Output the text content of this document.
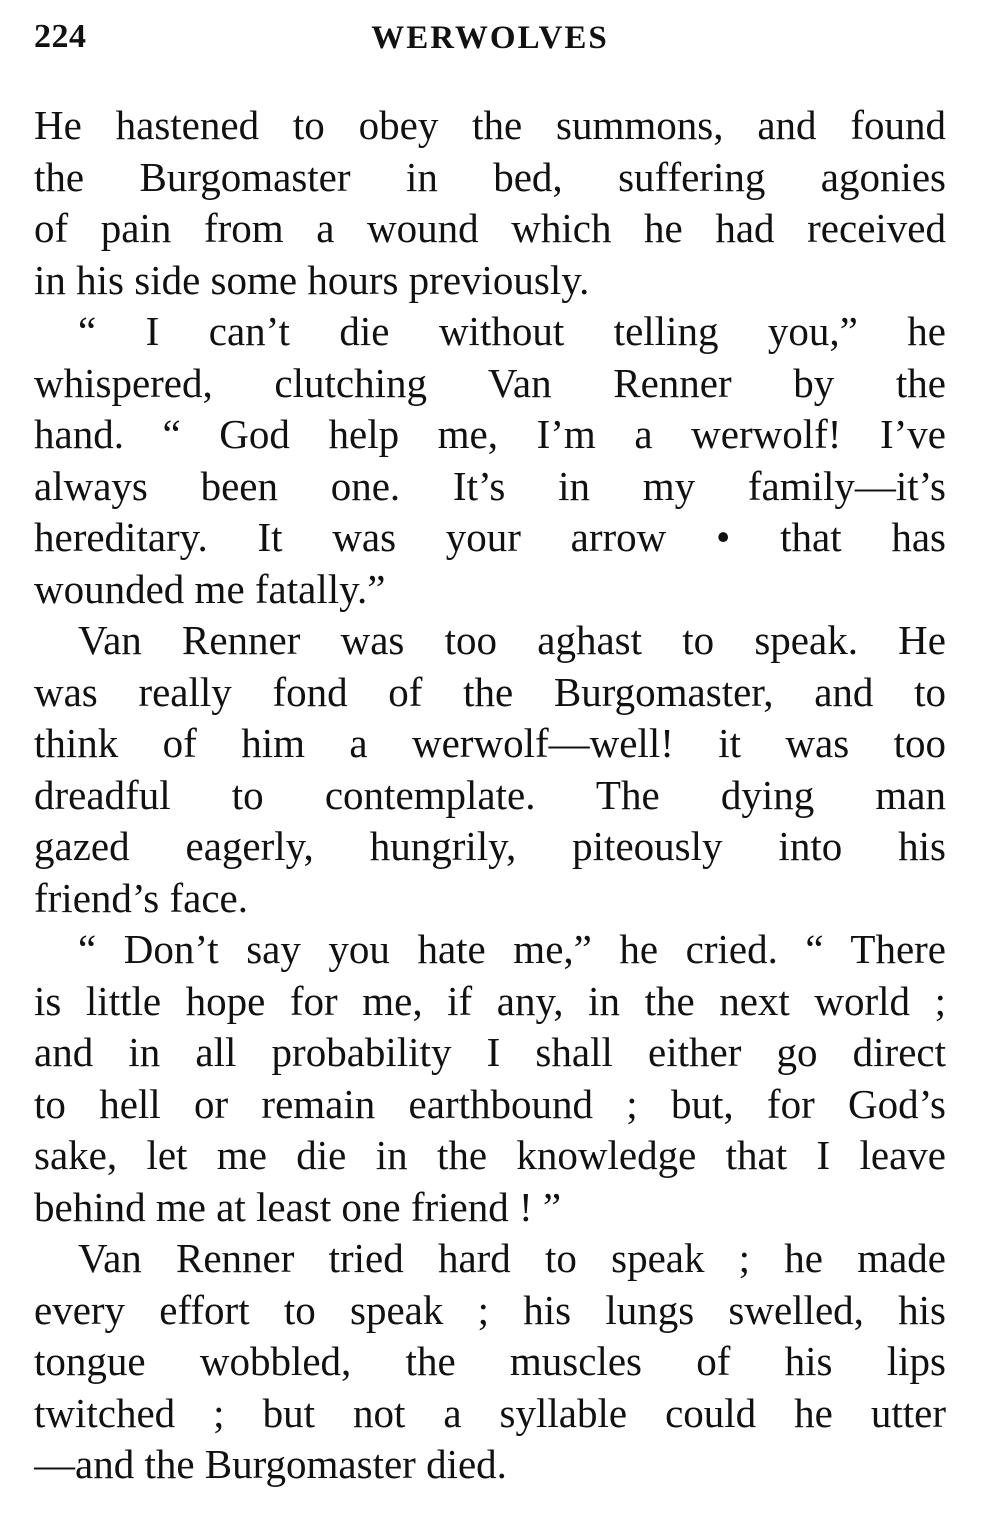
224	WERWOLVES
He hastened to obey the summons, and found
the Burgomaster in bed, suffering agonies
of pain from a wound which he had received
in his side some hours previously.
“ I can’t die without telling you,” he
whispered, clutching Van Renner by the
hand. “ God help me, I’m a werwolf! I’ve
always been one. It’s in my family—it’s
hereditary. It was your arrow • that has
wounded me fatally.”
Van Renner was too aghast to speak. He
was really fond of the Burgomaster, and to
think of him a werwolf—well! it was too
dreadful to contemplate. The dying man
gazed eagerly, hungrily, piteously into his
friend’s face.
“ Don’t say you hate me,” he cried. “ There
is little hope for me, if any, in the next world ;
and in all probability I shall either go direct
to hell or remain earthbound ; but, for God’s
sake, let me die in the knowledge that I leave
behind me at least one friend ! ”
Van Renner tried hard to speak ; he made
every effort to speak ; his lungs swelled, his
tongue wobbled, the muscles of his lips
twitched ; but not a syllable could he utter
—and the Burgomaster died.
